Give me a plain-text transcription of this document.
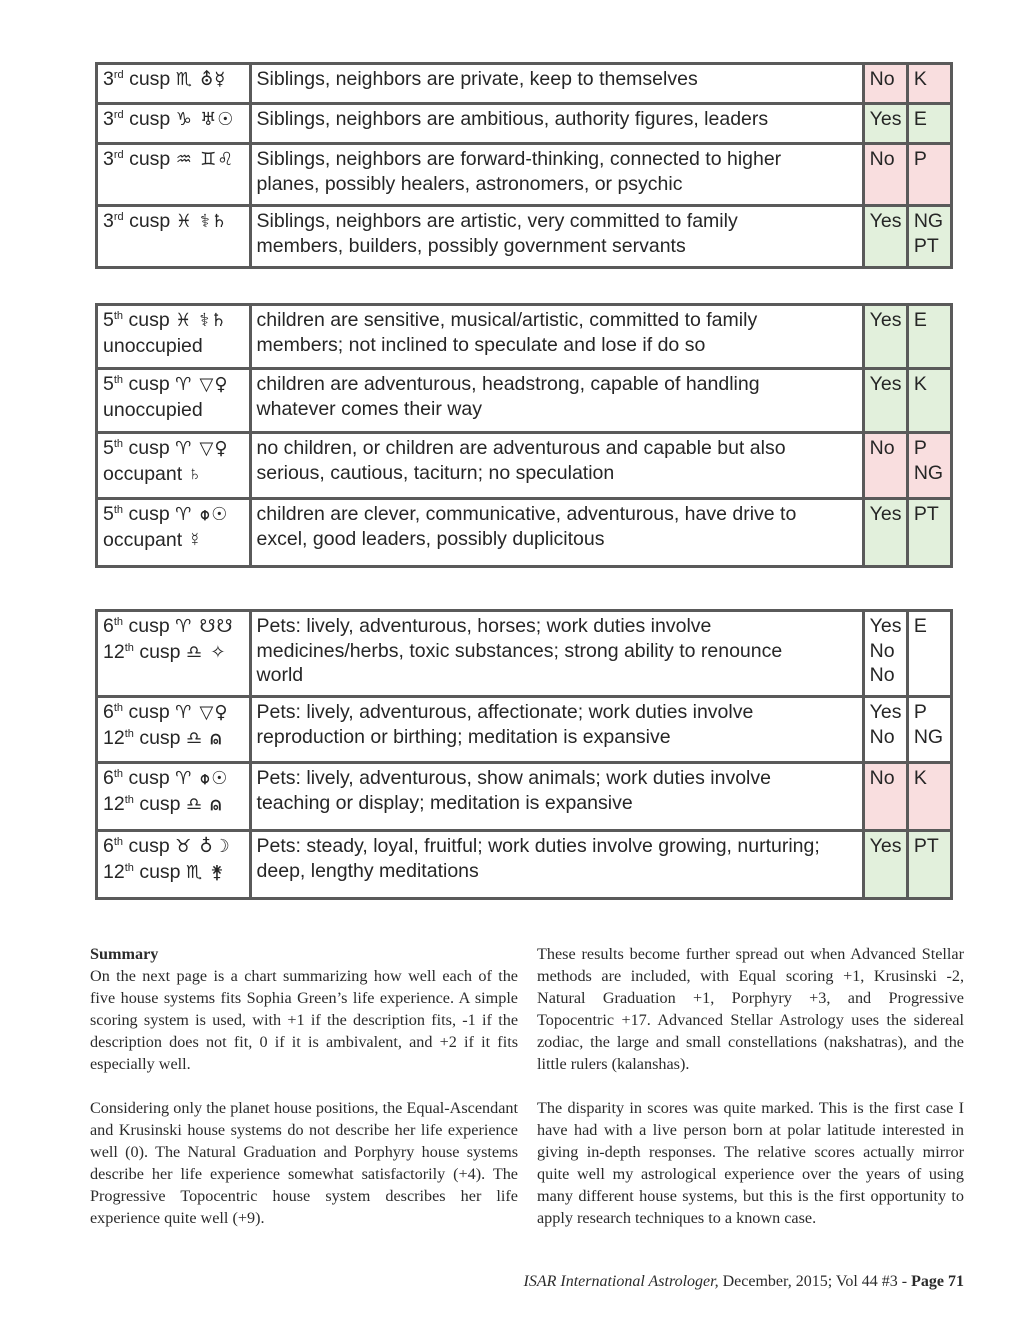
3rd cusp ♏ ⛢☿	Siblings, neighbors are private, keep to themselves	No	K

3rd cusp ♑ ♅☉	Siblings, neighbors are ambitious, authority figures, leaders	Yes	E

3rd cusp ♒ ♊♌	Siblings, neighbors are forward-thinking, connected to higher
planes, possibly healers, astronomers, or psychic	No	P

3rd cusp ♓ ⚕♄	Siblings, neighbors are artistic, very committed to family
members, builders, possibly government servants	Yes	NG
PT
5th cusp ♓ ⚕♄
unoccupied	children are sensitive, musical/artistic, committed to family
members; not inclined to speculate and lose if do so	Yes	E

5th cusp ♈ ▽♀
unoccupied	children are adventurous, headstrong, capable of handling
whatever comes their way	Yes	K

5th cusp ♈ ▽♀
occupant ♄	no children, or children are adventurous and capable but also
serious, cautious, taciturn; no speculation	No	P
NG

5th cusp ♈ ⌽☉
occupant ☿	children are clever, communicative, adventurous, have drive to
excel, good leaders, possibly duplicitous	Yes	PT
6th cusp ♈ ☋☋
12th cusp ♎ ✧	Pets: lively, adventurous, horses; work duties involve
medicines/herbs, toxic substances; strong ability to renounce
world	Yes
No
No	E

6th cusp ♈ ▽♀
12th cusp ♎ ⍝	Pets: lively, adventurous, affectionate; work duties involve
reproduction or birthing; meditation is expansive	Yes
No	P
NG

6th cusp ♈ ⌽☉
12th cusp ♎ ⍝	Pets: lively, adventurous, show animals; work duties involve
teaching or display; meditation is expansive	No	K

6th cusp ♉ ♁☽
12th cusp ♏ ⚵	Pets: steady, loyal, fruitful; work duties involve growing, nurturing;
deep, lengthy meditations	Yes	PT

Summary

On the next page is a chart summarizing how well each of the five house systems fits Sophia Green’s life experience. A simple scoring system is used, with +1 if the description fits, -1 if the description does not fit, 0 if it is ambivalent, and +2 if it fits especially well.

Considering only the planet house positions, the Equal-Ascendant and Krusinski house systems do not describe her life experience well (0). The Natural Graduation and Porphyry house systems describe her life experience somewhat satisfactorily (+4). The Progressive Topocentric house system describes her life experience quite well (+9).

These results become further spread out when Advanced Stellar methods are included, with Equal scoring +1, Krusinski -2, Natural Graduation +1, Porphyry +3, and Progressive Topocentric +17. Advanced Stellar Astrology uses the sidereal zodiac, the large and small constellations (nakshatras), and the little rulers (kalanshas).

The disparity in scores was quite marked. This is the first case I have had with a live person born at polar latitude interested in giving in-depth responses. The relative scores actually mirror quite well my astrological experience over the years of using many different house systems, but this is the first opportunity to apply research techniques to a known case.

ISAR International Astrologer, December, 2015; Vol 44 #3 - Page 71
